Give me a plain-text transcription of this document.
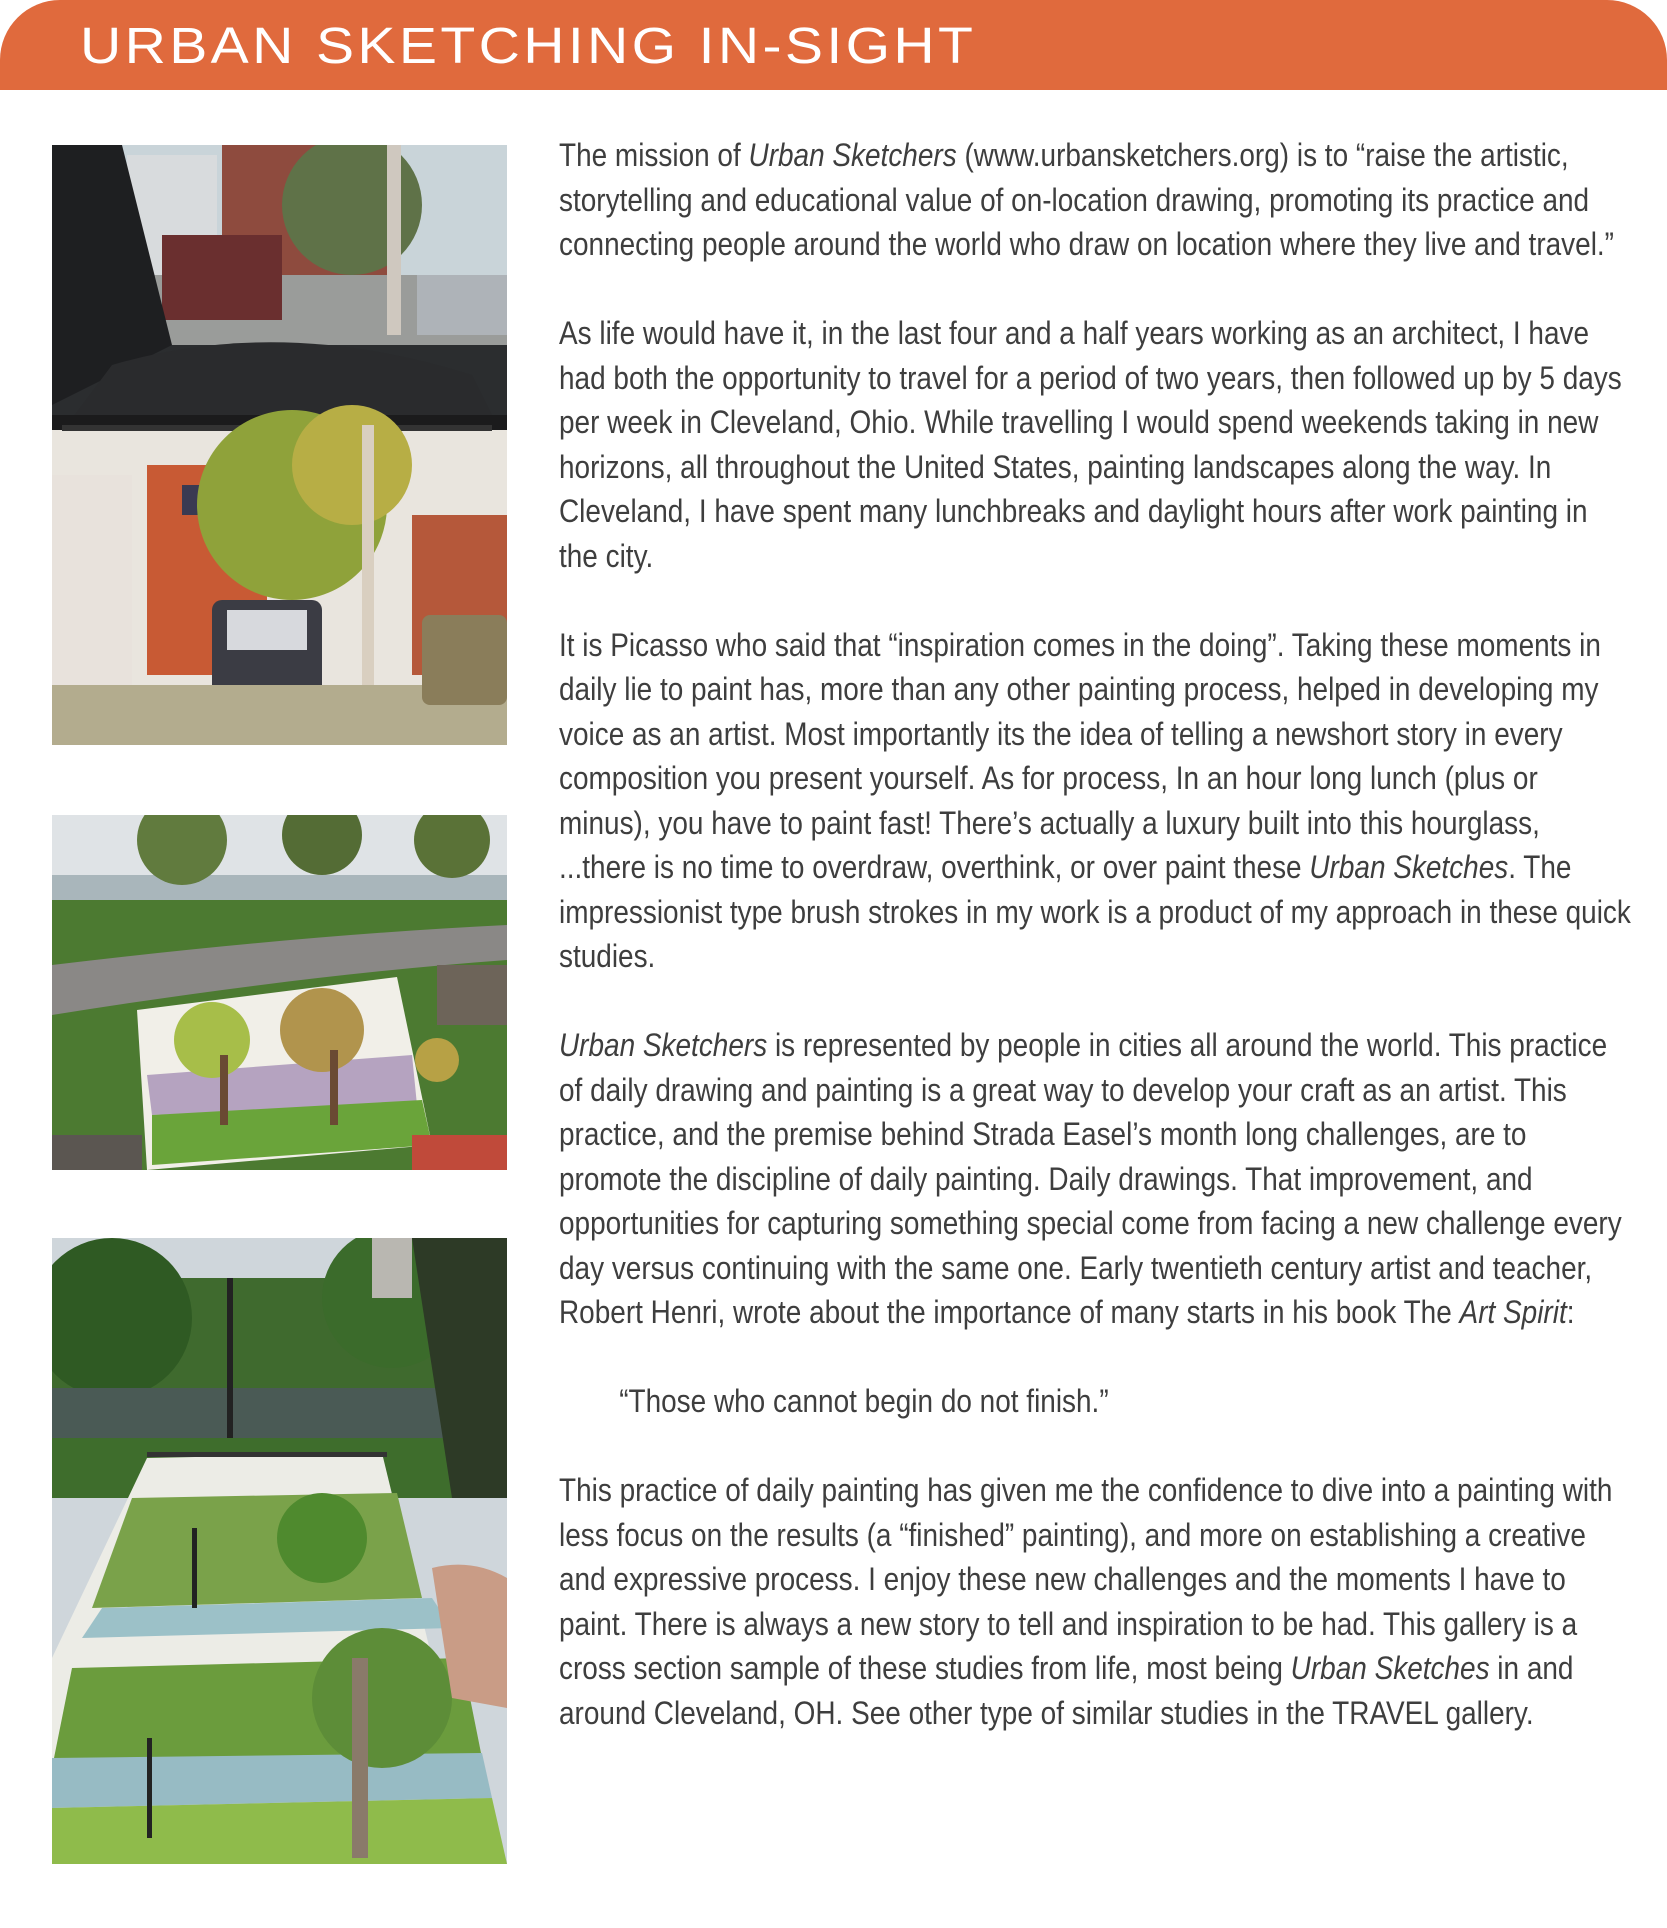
URBAN SKETCHING IN-SIGHT

The mission of Urban Sketchers (www.urbansketchers.org) is to “raise the artistic, storytelling and educational value of on-location drawing, promoting its practice and connecting people around the world who draw on location where they live and travel.”

As life would have it, in the last four and a half years working as an architect, I have had both the opportunity to travel for a period of two years, then followed up by 5 days per week in Cleveland, Ohio. While travelling I would spend weekends taking in new horizons, all throughout the United States, painting landscapes along the way. In Cleveland, I have spent many lunchbreaks and daylight hours after work painting in the city.

It is Picasso who said that “inspiration comes in the doing”. Taking these moments in daily lie to paint has, more than any other painting process, helped in developing my voice as an artist. Most importantly its the idea of telling a newshort story in every composition you present yourself. As for process, In an hour long lunch (plus or minus), you have to paint fast! There’s actually a luxury built into this hourglass, ...there is no time to overdraw, overthink, or over paint these Urban Sketches. The impressionist type brush strokes in my work is a product of my approach in these quick studies.

Urban Sketchers is represented by people in cities all around the world. This practice of daily drawing and painting is a great way to develop your craft as an artist. This practice, and the premise behind Strada Easel’s month long challenges, are to promote the discipline of daily painting. Daily drawings. That improvement, and opportunities for capturing something special come from facing a new challenge every day versus continuing with the same one. Early twentieth century artist and teacher, Robert Henri, wrote about the importance of many starts in his book The Art Spirit:

“Those who cannot begin do not finish.”

This practice of daily painting has given me the confidence to dive into a painting with less focus on the results (a “finished” painting), and more on establishing a creative and expressive process. I enjoy these new challenges and the moments I have to paint. There is always a new story to tell and inspiration to be had. This gallery is a cross section sample of these studies from life, most being Urban Sketches in and around Cleveland, OH. See other type of similar studies in the TRAVEL gallery.
